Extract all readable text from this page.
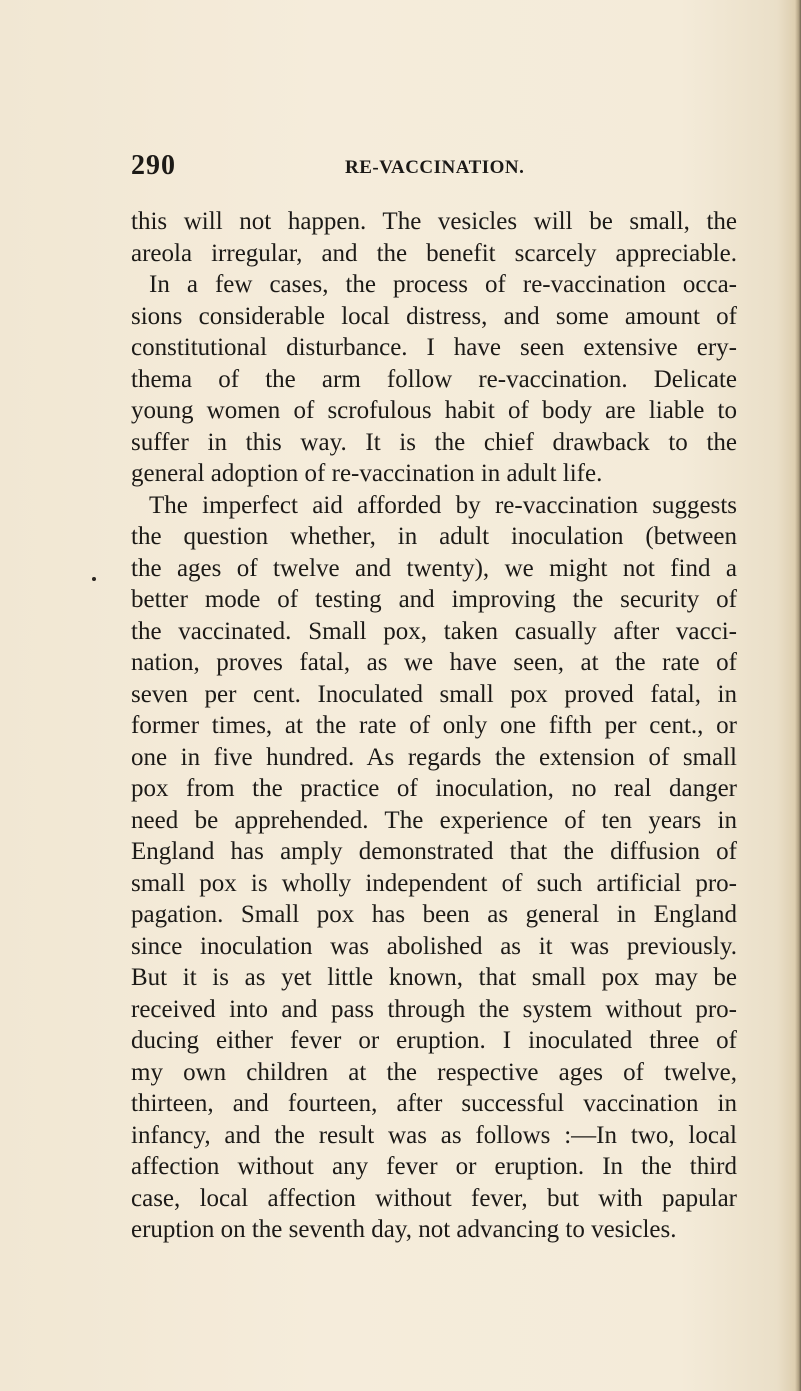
290	RE-VACCINATION.
this will not happen. The vesicles will be small, the
areola irregular, and the benefit scarcely appreciable.
In a few cases, the process of re-vaccination occa-
sions considerable local distress, and some amount of
constitutional disturbance. I have seen extensive ery-
thema of the arm follow re-vaccination. Delicate
young women of scrofulous habit of body are liable to
suffer in this way. It is the chief drawback to the
general adoption of re-vaccination in adult life.
The imperfect aid afforded by re-vaccination suggests
the question whether, in adult inoculation (between
the ages of twelve and twenty), we might not find a
better mode of testing and improving the security of
the vaccinated. Small pox, taken casually after vacci-
nation, proves fatal, as we have seen, at the rate of
seven per cent. Inoculated small pox proved fatal, in
former times, at the rate of only one fifth per cent., or
one in five hundred. As regards the extension of small
pox from the practice of inoculation, no real danger
need be apprehended. The experience of ten years in
England has amply demonstrated that the diffusion of
small pox is wholly independent of such artificial pro-
pagation. Small pox has been as general in England
since inoculation was abolished as it was previously.
But it is as yet little known, that small pox may be
received into and pass through the system without pro-
ducing either fever or eruption. I inoculated three of
my own children at the respective ages of twelve,
thirteen, and fourteen, after successful vaccination in
infancy, and the result was as follows :—In two, local
affection without any fever or eruption. In the third
case, local affection without fever, but with papular
eruption on the seventh day, not advancing to vesicles.
